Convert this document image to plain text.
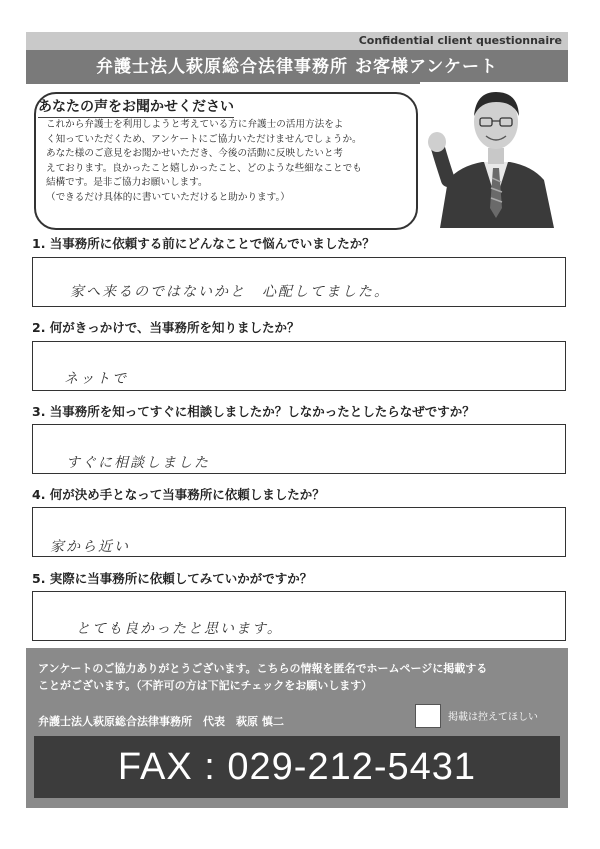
Confidential client questionnaire
弁護士法人萩原総合法律事務所 お客様アンケート
あなたの声をお聞かせください
これから弁護士を利用しようと考えている方に弁護士の活用方法をよ
く知っていただくため、アンケートにご協力いただけませんでしょうか。
あなた様のご意見をお聞かせいただき、今後の活動に反映したいと考
えております。良かったこと嬉しかったこと、どのような些細なことでも
結構です。是非ご協力お願いします。
（できるだけ具体的に書いていただけると助かります。）
1. 当事務所に依頼する前にどんなことで悩んでいましたか？
家へ来るのではないかと　心配してました。
2. 何がきっかけで、当事務所を知りましたか？
ネットで
3. 当事務所を知ってすぐに相談しましたか？しなかったとしたらなぜですか？
すぐに相談しました
4. 何が決め手となって当事務所に依頼しましたか？
家から近い
5. 実際に当事務所に依頼してみていかがですか？
とても良かったと思います。
アンケートのご協力ありがとうございます。こちらの情報を匿名でホームページに掲載する
ことがございます。（不許可の方は下記にチェックをお願いします）
弁護士法人萩原総合法律事務所　代表　萩原 慎二	掲載は控えてほしい
FAX : 029-212-5431
